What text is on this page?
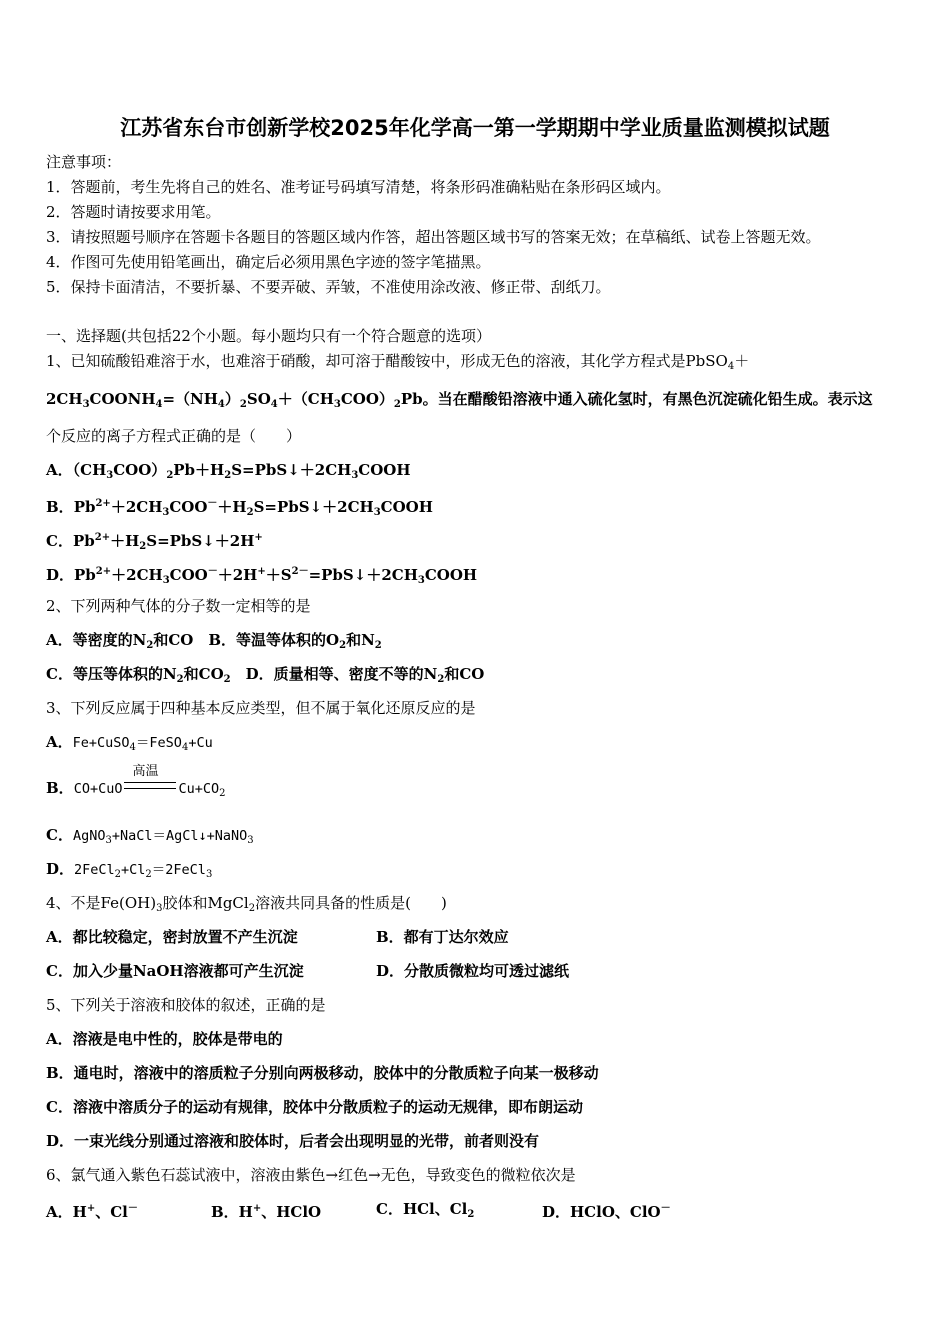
江苏省东台市创新学校2025年化学高一第一学期期中学业质量监测模拟试题
注意事项：
1．答题前，考生先将自己的姓名、准考证号码填写清楚，将条形码准确粘贴在条形码区域内。
2．答题时请按要求用笔。
3．请按照题号顺序在答题卡各题目的答题区域内作答，超出答题区域书写的答案无效；在草稿纸、试卷上答题无效。
4．作图可先使用铅笔画出，确定后必须用黑色字迹的签字笔描黑。
5．保持卡面清洁，不要折暴、不要弄破、弄皱，不准使用涂改液、修正带、刮纸刀。
一、选择题(共包括22个小题。每小题均只有一个符合题意的选项）
1、已知硫酸铅难溶于水，也难溶于硝酸，却可溶于醋酸铵中，形成无色的溶液，其化学方程式是PbSO$_4$＋
$2CH_3COONH_4=(NH_4)_2SO_4+(CH_3COO)_2Pb$。当在醋酸铅溶液中通入硫化氢时，有黑色沉淀硫化铅生成。表示这
个反应的离子方程式正确的是（　　）
A．$(CH_3COO)_2Pb+H_2S=PbS↓+2CH_3COOH$
B．$Pb^{2+}+2CH_3COO^-+H_2S=PbS↓+2CH_3COOH$
C．$Pb^{2+}+H_2S=PbS↓+2H^+$
D．$Pb^{2+}+2CH_3COO^-+2H^++S^{2-}=PbS↓+2CH_3COOH$
2、下列两种气体的分子数一定相等的是
A．等密度的$N_2$和CO　B．等温等体积的$O_2$和$N_2$
C．等压等体积的$N_2$和$CO_2$　D．质量相等、密度不等的$N_2$和CO
3、下列反应属于四种基本反应类型，但不属于氧化还原反应的是
A．Fe+CuSO$_4$＝FeSO$_4$+Cu
B．CO+CuO
高温
$Cu+CO_2$
C．AgNO$_3$+NaCl＝AgCl↓+NaNO$_3$
D．$2FeCl_2+Cl_2=2FeCl_3$
4、不是$Fe(OH)_3$胶体和MgCl$_2$溶液共同具备的性质是(　　)
A．都比较稳定，密封放置不产生沉淀	B．都有丁达尔效应
C．加入少量NaOH溶液都可产生沉淀	D．分散质微粒均可透过滤纸
5、下列关于溶液和胶体的叙述，正确的是
A．溶液是电中性的，胶体是带电的
B．通电时，溶液中的溶质粒子分别向两极移动，胶体中的分散质粒子向某一极移动
C．溶液中溶质分子的运动有规律，胶体中分散质粒子的运动无规律，即布朗运动
D．一束光线分别通过溶液和胶体时，后者会出现明显的光带，前者则没有
6、氯气通入紫色石蕊试液中，溶液由紫色→红色→无色，导致变色的微粒依次是
A．H+、Cl－	B．H+、HClO	C．HCl、$Cl_2$	D．HClO、ClO－
